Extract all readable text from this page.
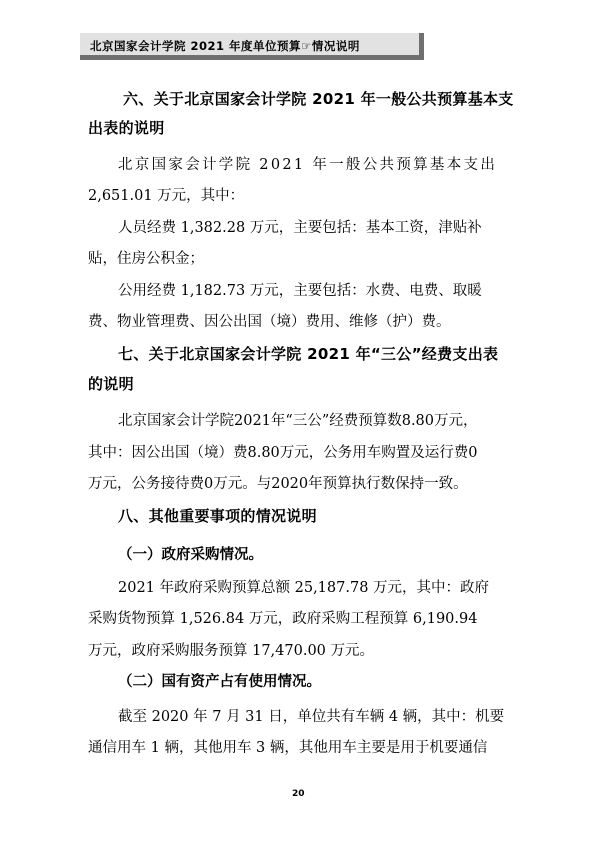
北京国家会计学院 2021 年度单位预算☞情况说明
六、关于北京国家会计学院 2021 年一般公共预算基本支
出表的说明
北京国家会计学院 2021 年一般公共预算基本支出
2,651.01 万元，其中：
人员经费 1,382.28 万元，主要包括：基本工资，津贴补
贴，住房公积金；
公用经费 1,182.73 万元，主要包括：水费、电费、取暖
费、物业管理费、因公出国（境）费用、维修（护）费。
七、关于北京国家会计学院 2021 年“三公”经费支出表
的说明
北京国家会计学院2021年“三公”经费预算数8.80万元，
其中：因公出国（境）费8.80万元，公务用车购置及运行费0
万元，公务接待费0万元。与2020年预算执行数保持一致。
八、其他重要事项的情况说明
（一）政府采购情况。
2021 年政府采购预算总额 25,187.78 万元，其中：政府
采购货物预算 1,526.84 万元，政府采购工程预算 6,190.94
万元，政府采购服务预算 17,470.00 万元。
（二）国有资产占有使用情况。
截至 2020 年 7 月 31 日，单位共有车辆 4 辆，其中：机要
通信用车 1 辆，其他用车 3 辆，其他用车主要是用于机要通信
20
